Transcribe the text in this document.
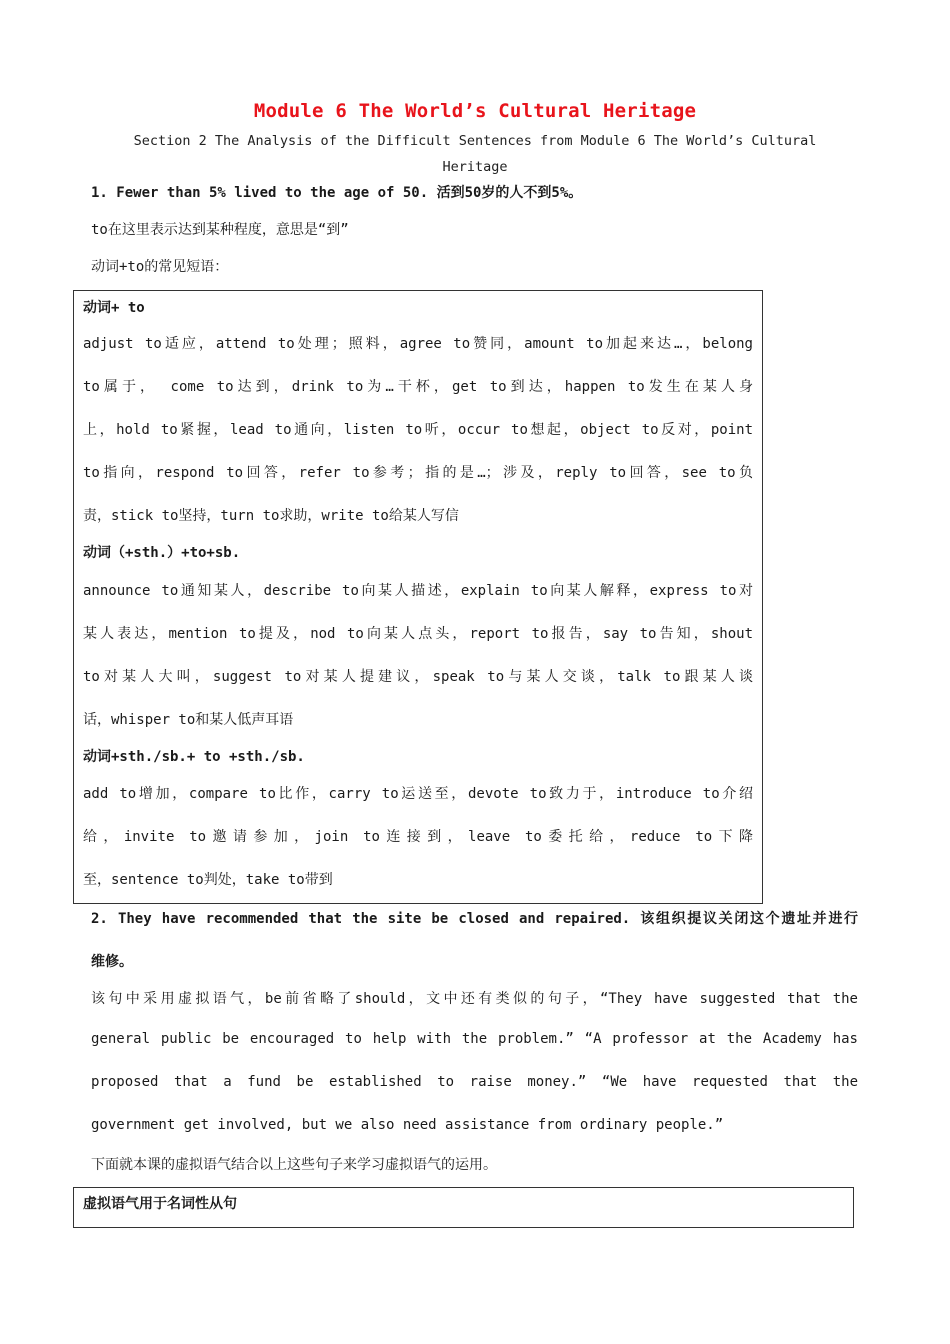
Module 6 The World’s Cultural Heritage
Section 2 The Analysis of the Difficult Sentences from Module 6 The World’s Cultural Heritage
1. Fewer than 5% lived to the age of 50. 活到50岁的人不到5%。
to在这里表示达到某种程度，意思是“到”
动词+to的常见短语：
动词+ to
adjust to适应，attend to处理；照料，agree to赞同，amount to加起来达…，belong
to属于， come to达到，drink to为…干杯，get to到达，happen to发生在某人身
上，hold to紧握，lead to通向，listen to听，occur to想起，object to反对，point
to指向，respond to回答，refer to参考；指的是…；涉及，reply to回答，see to负
责，stick to坚持，turn to求助，write to给某人写信
动词（+sth.）+to+sb.
announce to通知某人，describe to向某人描述，explain to向某人解释，express to对
某人表达，mention to提及，nod to向某人点头，report to报告，say to告知，shout
to对某人大叫，suggest to对某人提建议，speak to与某人交谈，talk to跟某人谈
话，whisper to和某人低声耳语
动词+sth./sb.+ to +sth./sb.
add to增加，compare to比作，carry to运送至，devote to致力于，introduce to介绍
给，invite to邀请参加，join to连接到，leave to委托给，reduce to下降
至，sentence to判处，take to带到
2. They have recommended that the site be closed and repaired. 该组织提议关闭这个遗址并进行
维修。
该句中采用虚拟语气，be前省略了should，文中还有类似的句子，“They have suggested that the
general public be encouraged to help with the problem.” “A professor at the Academy has
proposed that a fund be established to raise money.” “We have requested that the
government get involved, but we also need assistance from ordinary people.”
下面就本课的虚拟语气结合以上这些句子来学习虚拟语气的运用。
虚拟语气用于名词性从句
